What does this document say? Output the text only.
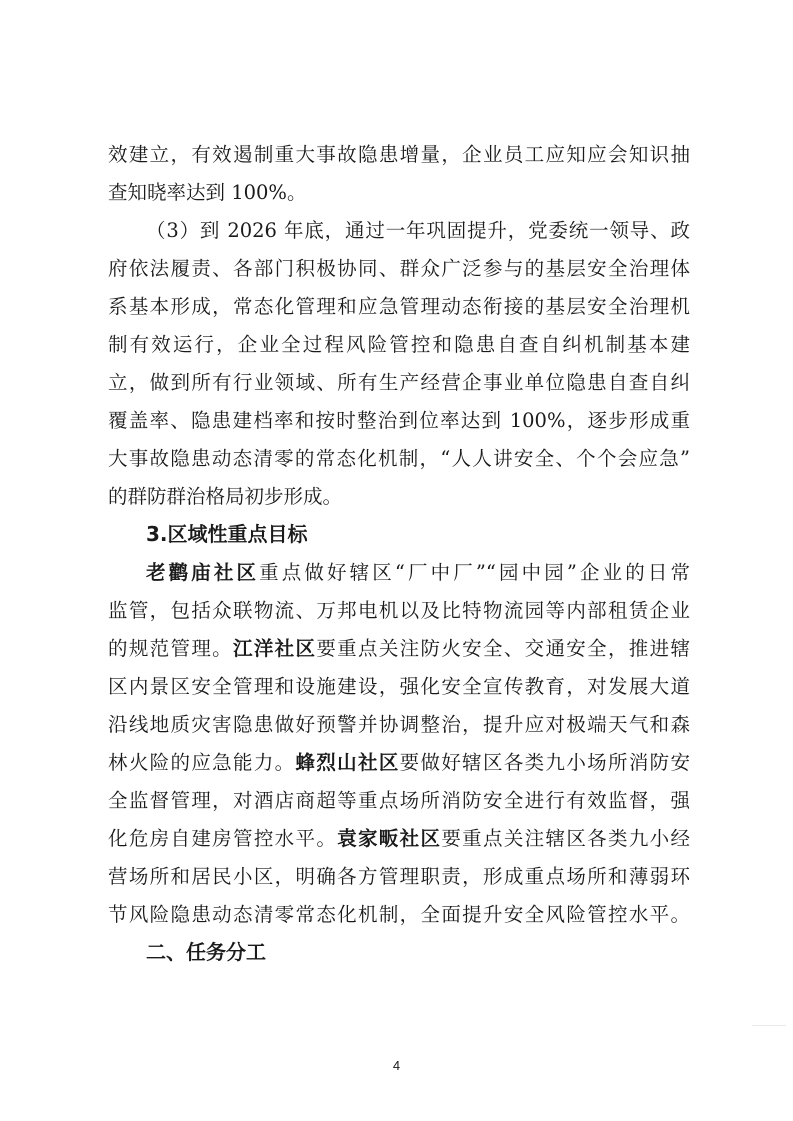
效建立，有效遏制重大事故隐患增量，企业员工应知应会知识抽
查知晓率达到 100%。
（3）到 2026 年底，通过一年巩固提升，党委统一领导、政
府依法履责、各部门积极协同、群众广泛参与的基层安全治理体
系基本形成，常态化管理和应急管理动态衔接的基层安全治理机
制有效运行，企业全过程风险管控和隐患自查自纠机制基本建
立，做到所有行业领域、所有生产经营企事业单位隐患自查自纠
覆盖率、隐患建档率和按时整治到位率达到 100%，逐步形成重
大事故隐患动态清零的常态化机制，“人人讲安全、个个会应急”
的群防群治格局初步形成。
3.区域性重点目标
老鹳庙社区重点做好辖区“厂中厂”“园中园”企业的日常
监管，包括众联物流、万邦电机以及比特物流园等内部租赁企业
的规范管理。江洋社区要重点关注防火安全、交通安全，推进辖
区内景区安全管理和设施建设，强化安全宣传教育，对发展大道
沿线地质灾害隐患做好预警并协调整治，提升应对极端天气和森
林火险的应急能力。蜂烈山社区要做好辖区各类九小场所消防安
全监督管理，对酒店商超等重点场所消防安全进行有效监督，强
化危房自建房管控水平。袁家畈社区要重点关注辖区各类九小经
营场所和居民小区，明确各方管理职责，形成重点场所和薄弱环
节风险隐患动态清零常态化机制，全面提升安全风险管控水平。
二、任务分工
4
